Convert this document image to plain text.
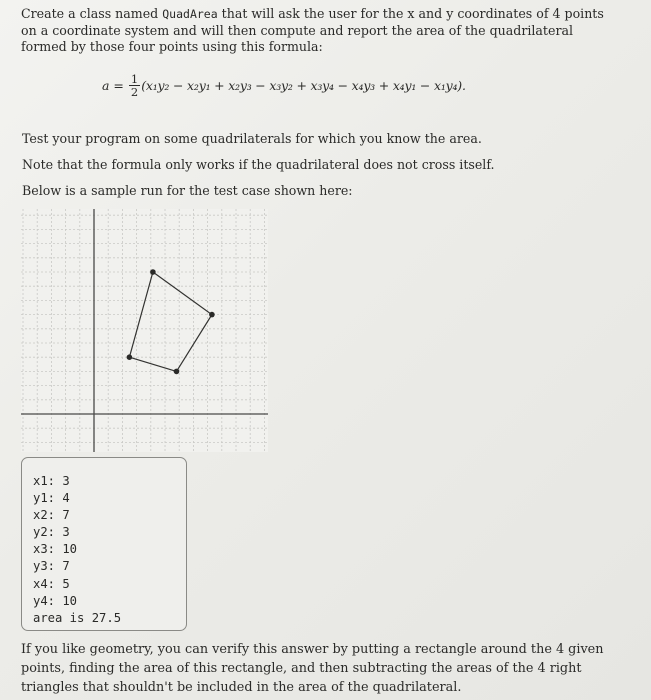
Create a class named QuadArea that will ask the user for the x and y coordinates of 4 points on a coordinate system and will then compute and report the area of the quadrilateral formed by those four points using this formula:

$a = \frac{1}{2} (x_1y_2 - x_2y_1 + x_2y_3 - x_3y_2 + x_3y_4 - x_4y_3 + x_4y_1 - x_1y_4)$.

Test your program on some quadrilaterals for which you know the area.

Note that the formula only works if the quadrilateral does not cross itself.

Below is a sample run for the test case shown here:

x1: 3
y1: 4
x2: 7
y2: 3
x3: 10
y3: 7
x4: 5
y4: 10
area is 27.5

If you like geometry, you can verify this answer by putting a rectangle around the 4 given points, finding the area of this rectangle, and then subtracting the areas of the 4 right triangles that shouldn't be included in the area of the quadrilateral.
